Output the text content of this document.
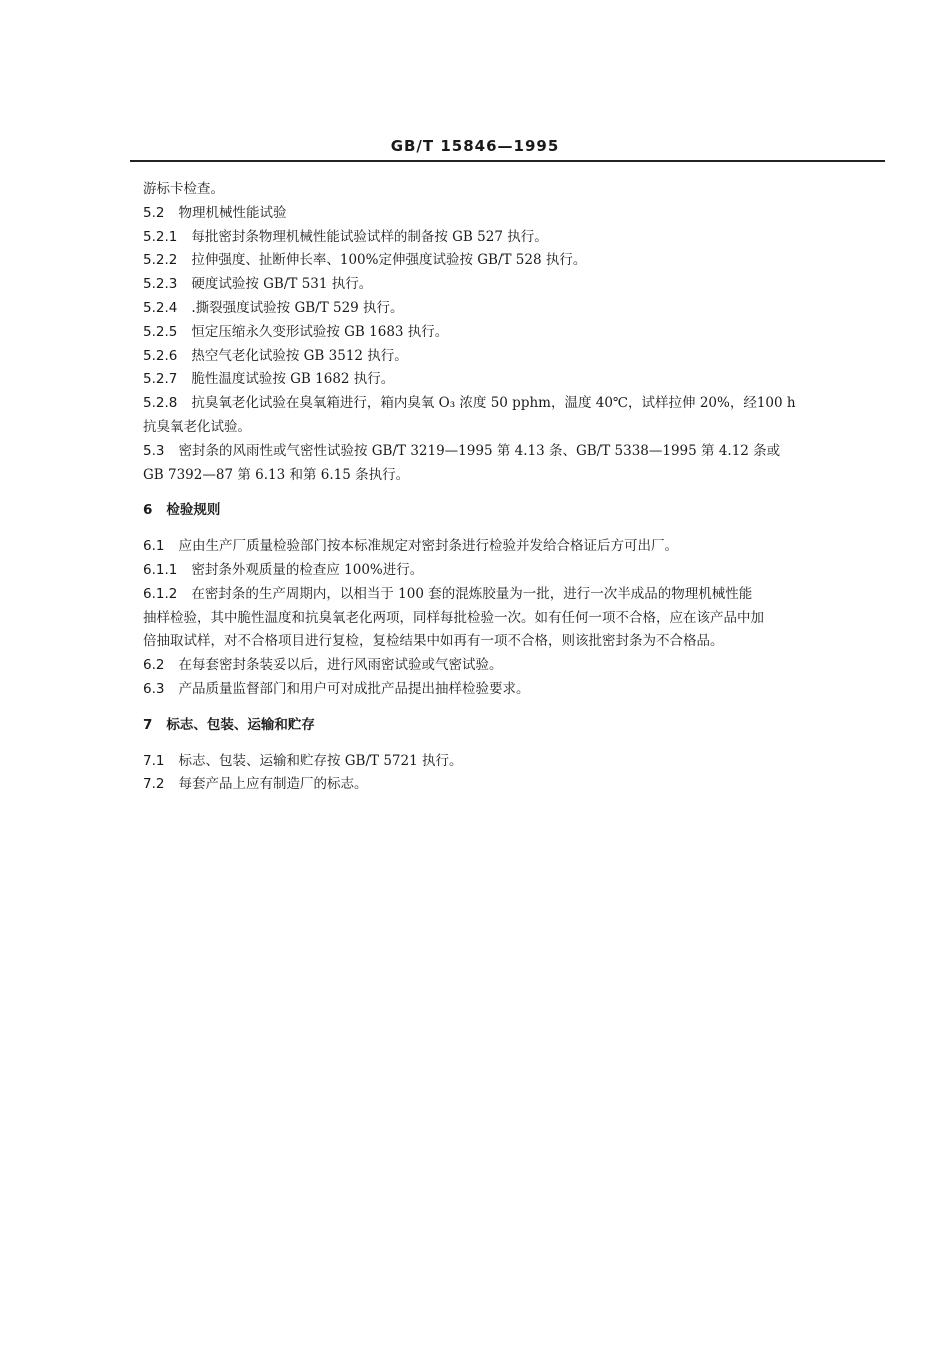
GB/T 15846—1995
游标卡检查。
5.2 物理机械性能试验
5.2.1 每批密封条物理机械性能试验试样的制备按 GB 527 执行。
5.2.2 拉伸强度、扯断伸长率、100%定伸强度试验按 GB/T 528 执行。
5.2.3 硬度试验按 GB/T 531 执行。
5.2.4 .撕裂强度试验按 GB/T 529 执行。
5.2.5 恒定压缩永久变形试验按 GB 1683 执行。
5.2.6 热空气老化试验按 GB 3512 执行。
5.2.7 脆性温度试验按 GB 1682 执行。
5.2.8 抗臭氧老化试验在臭氧箱进行，箱内臭氧 O₃ 浓度 50 pphm，温度 40℃，试样拉伸 20%，经100 h
抗臭氧老化试验。
5.3 密封条的风雨性或气密性试验按 GB/T 3219—1995 第 4.13 条、GB/T 5338—1995 第 4.12 条或
GB 7392—87 第 6.13 和第 6.15 条执行。
6 检验规则
6.1 应由生产厂质量检验部门按本标准规定对密封条进行检验并发给合格证后方可出厂。
6.1.1 密封条外观质量的检查应 100%进行。
6.1.2 在密封条的生产周期内，以相当于 100 套的混炼胶量为一批，进行一次半成品的物理机械性能
抽样检验，其中脆性温度和抗臭氧老化两项，同样每批检验一次。如有任何一项不合格，应在该产品中加
倍抽取试样，对不合格项目进行复检，复检结果中如再有一项不合格，则该批密封条为不合格品。
6.2 在每套密封条装妥以后，进行风雨密试验或气密试验。
6.3 产品质量监督部门和用户可对成批产品提出抽样检验要求。
7 标志、包装、运输和贮存
7.1 标志、包装、运输和贮存按 GB/T 5721 执行。
7.2 每套产品上应有制造厂的标志。
